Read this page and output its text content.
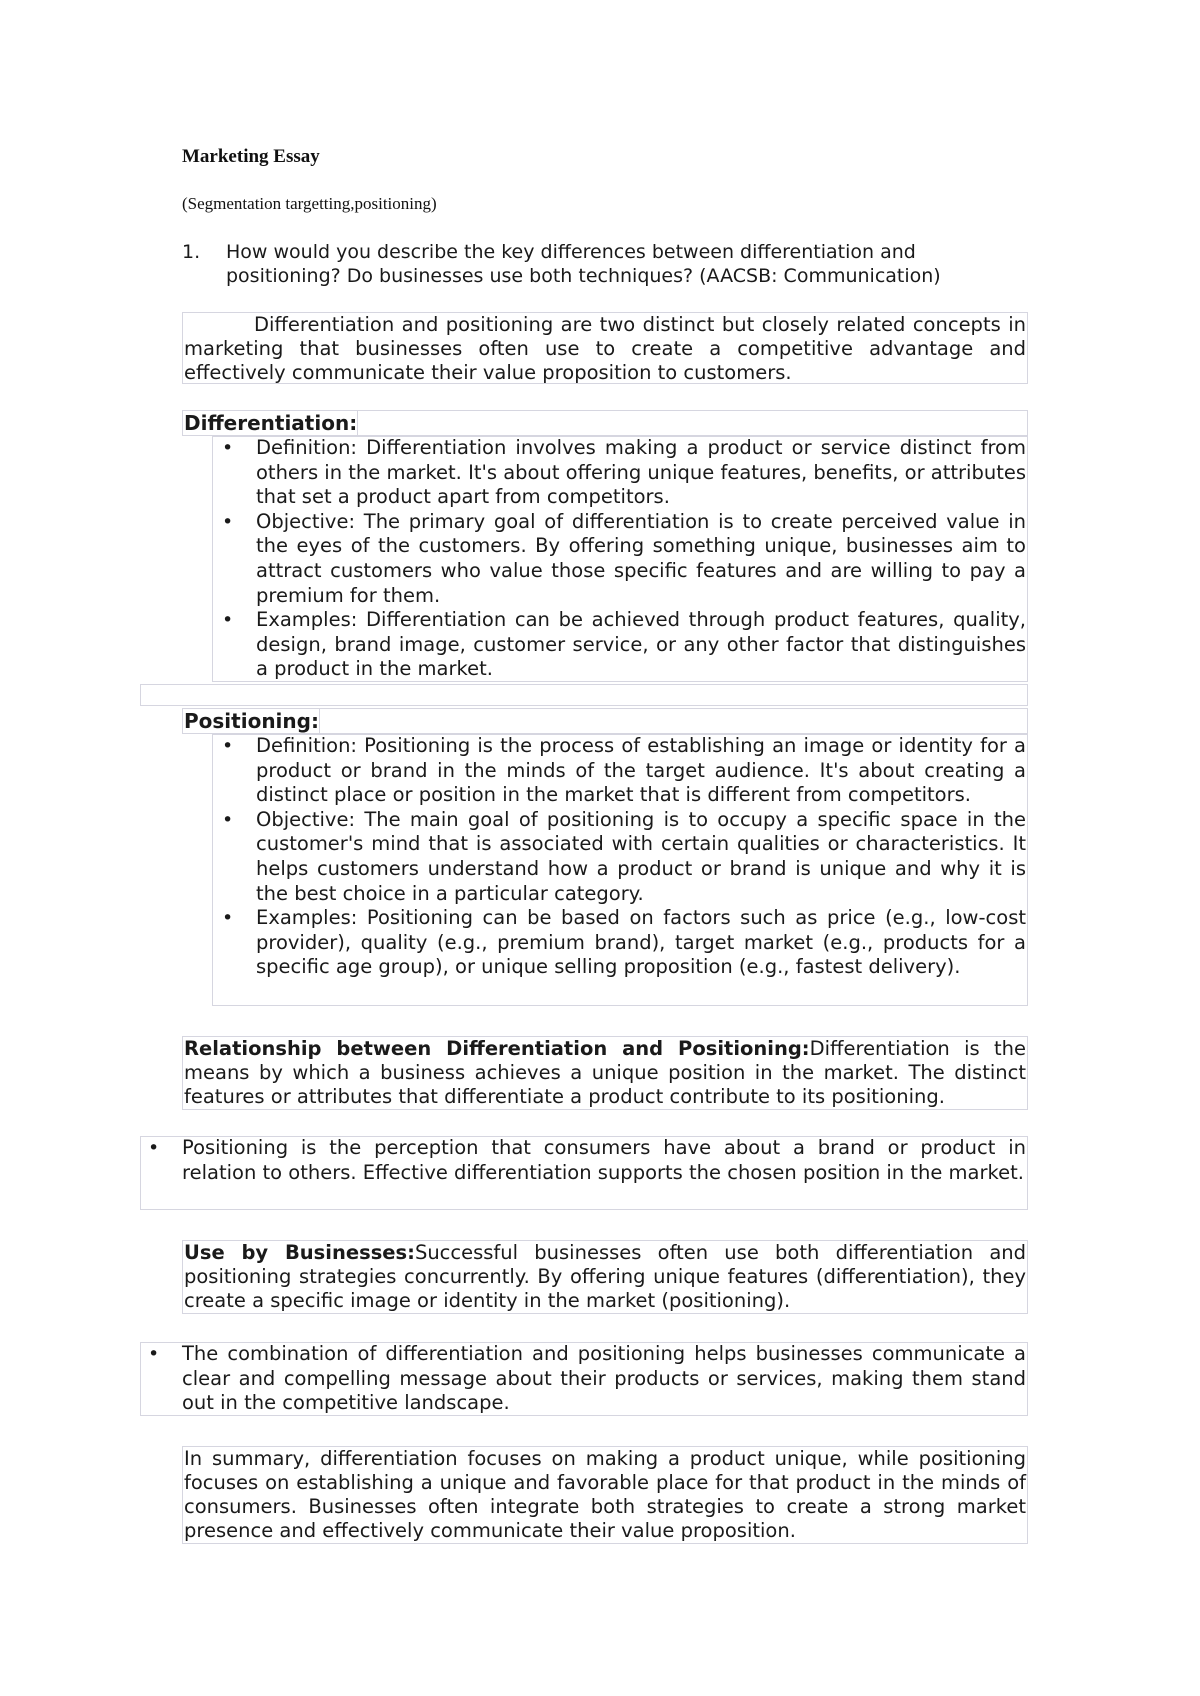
Marketing Essay
(Segmentation targetting,positioning)
1. How would you describe the key differences between differentiation and positioning? Do businesses use both techniques? (AACSB: Communication)
Differentiation and positioning are two distinct but closely related concepts in marketing that businesses often use to create a competitive advantage and effectively communicate their value proposition to customers.
Differentiation:
• Definition: Differentiation involves making a product or service distinct from others in the market. It's about offering unique features, benefits, or attributes that set a product apart from competitors.
• Objective: The primary goal of differentiation is to create perceived value in the eyes of the customers. By offering something unique, businesses aim to attract customers who value those specific features and are willing to pay a premium for them.
• Examples: Differentiation can be achieved through product features, quality, design, brand image, customer service, or any other factor that distinguishes a product in the market.
Positioning:
• Definition: Positioning is the process of establishing an image or identity for a product or brand in the minds of the target audience. It's about creating a distinct place or position in the market that is different from competitors.
• Objective: The main goal of positioning is to occupy a specific space in the customer's mind that is associated with certain qualities or characteristics. It helps customers understand how a product or brand is unique and why it is the best choice in a particular category.
• Examples: Positioning can be based on factors such as price (e.g., low-cost provider), quality (e.g., premium brand), target market (e.g., products for a specific age group), or unique selling proposition (e.g., fastest delivery).
Relationship between Differentiation and Positioning:Differentiation is the means by which a business achieves a unique position in the market. The distinct features or attributes that differentiate a product contribute to its positioning.
• Positioning is the perception that consumers have about a brand or product in relation to others. Effective differentiation supports the chosen position in the market.
Use by Businesses:Successful businesses often use both differentiation and positioning strategies concurrently. By offering unique features (differentiation), they create a specific image or identity in the market (positioning).
• The combination of differentiation and positioning helps businesses communicate a clear and compelling message about their products or services, making them stand out in the competitive landscape.
In summary, differentiation focuses on making a product unique, while positioning focuses on establishing a unique and favorable place for that product in the minds of consumers. Businesses often integrate both strategies to create a strong market presence and effectively communicate their value proposition.
